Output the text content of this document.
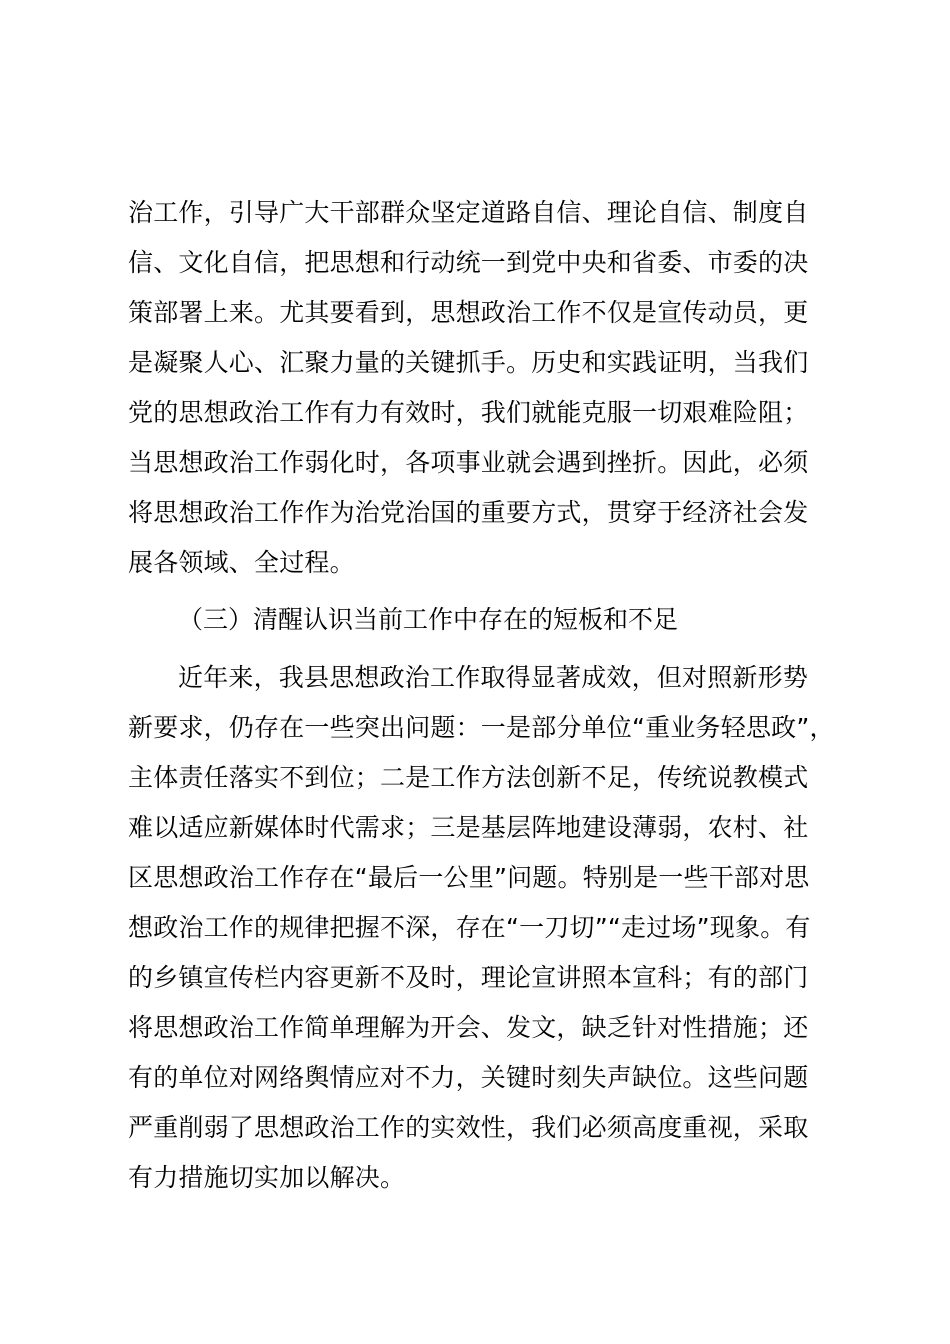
治工作，引导广大干部群众坚定道路自信、理论自信、制度自
信、文化自信，把思想和行动统一到党中央和省委、市委的决
策部署上来。尤其要看到，思想政治工作不仅是宣传动员，更
是凝聚人心、汇聚力量的关键抓手。历史和实践证明，当我们
党的思想政治工作有力有效时，我们就能克服一切艰难险阻；
当思想政治工作弱化时，各项事业就会遇到挫折。因此，必须
将思想政治工作作为治党治国的重要方式，贯穿于经济社会发
展各领域、全过程。
（三）清醒认识当前工作中存在的短板和不足
近年来，我县思想政治工作取得显著成效，但对照新形势
新要求，仍存在一些突出问题：一是部分单位“重业务轻思政”，
主体责任落实不到位；二是工作方法创新不足，传统说教模式
难以适应新媒体时代需求；三是基层阵地建设薄弱，农村、社
区思想政治工作存在“最后一公里”问题。特别是一些干部对思
想政治工作的规律把握不深，存在“一刀切”“走过场”现象。有
的乡镇宣传栏内容更新不及时，理论宣讲照本宣科；有的部门
将思想政治工作简单理解为开会、发文，缺乏针对性措施；还
有的单位对网络舆情应对不力，关键时刻失声缺位。这些问题
严重削弱了思想政治工作的实效性，我们必须高度重视，采取
有力措施切实加以解决。
